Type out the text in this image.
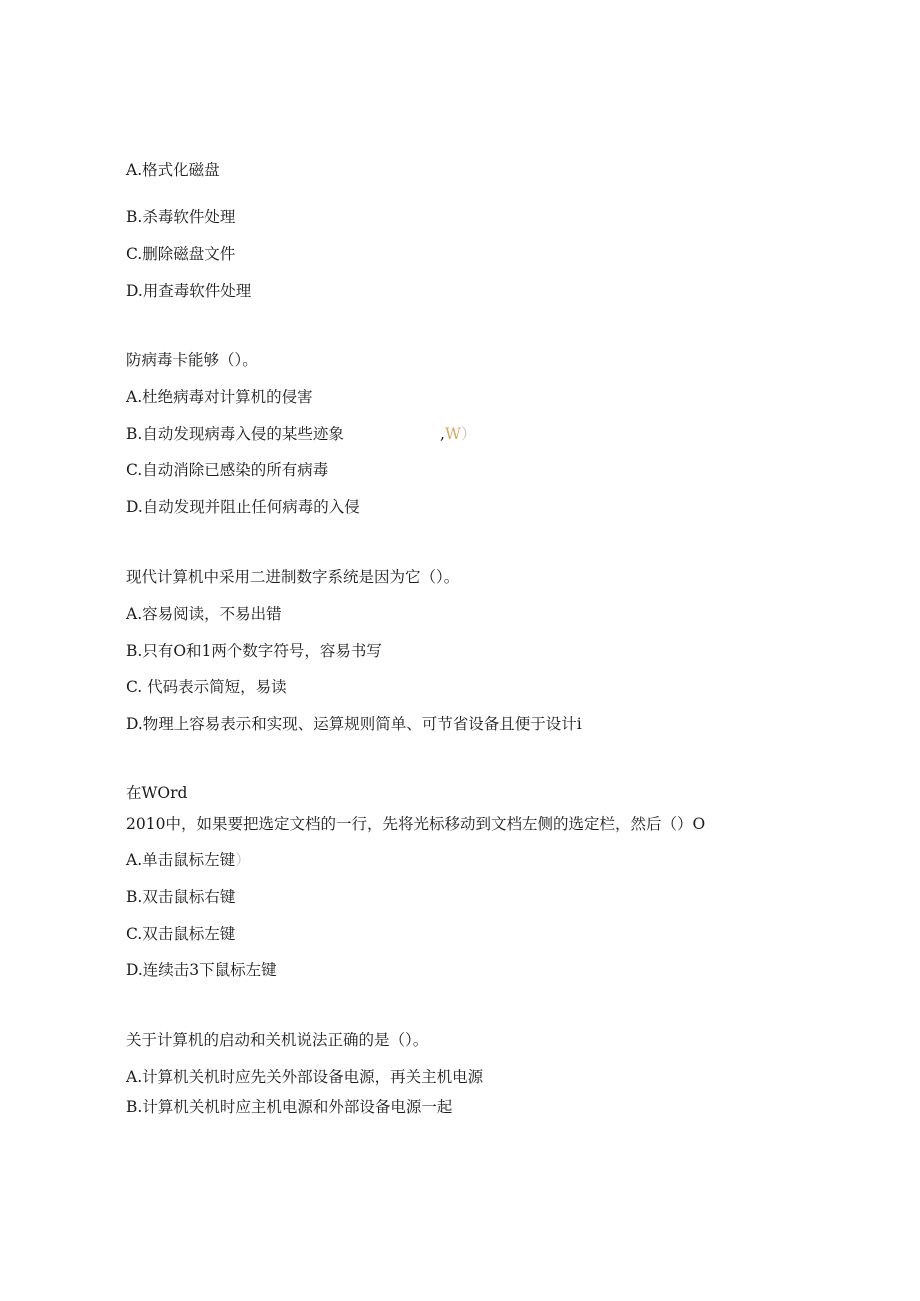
A.格式化磁盘
B.杀毒软件处理
C.删除磁盘文件
D.用查毒软件处理
防病毒卡能够（）。
A.杜绝病毒对计算机的侵害
B.自动发现病毒入侵的某些迹象	,W）
C.自动消除已感染的所有病毒
D.自动发现并阻止任何病毒的入侵
现代计算机中采用二进制数字系统是因为它（）。
A.容易阅读，不易出错
B.只有O和1两个数字符号，容易书写
C. 代码表示简短，易读
D.物理上容易表示和实现、运算规则简单、可节省设备且便于设计i
在WOrd
2010中，如果要把选定文档的一行，先将光标移动到文档左侧的选定栏，然后（）O
A.单击鼠标左键）
B.双击鼠标右键
C.双击鼠标左键
D.连续击3下鼠标左键
关于计算机的启动和关机说法正确的是（）。
A.计算机关机时应先关外部设备电源，再关主机电源
B.计算机关机时应主机电源和外部设备电源一起
